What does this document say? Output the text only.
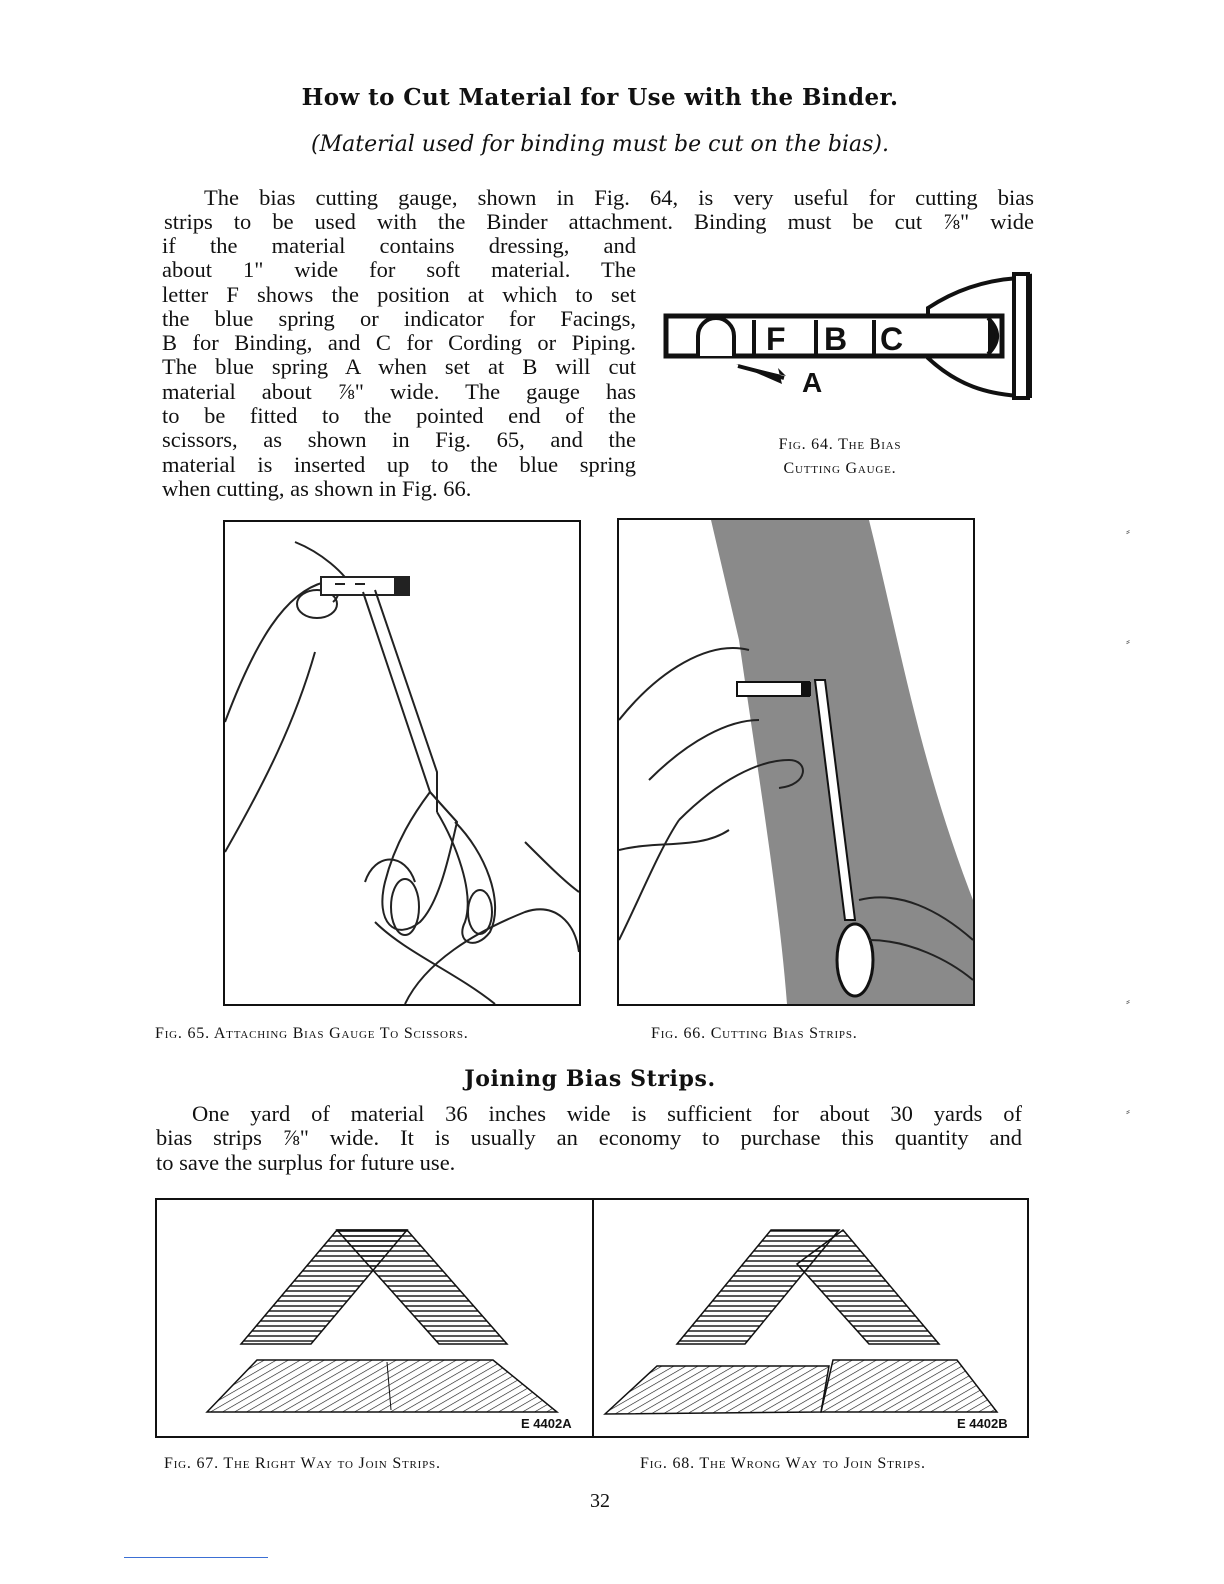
How to Cut Material for Use with the Binder.
(Material used for binding must be cut on the bias).
The bias cutting gauge, shown in Fig. 64, is very useful for cutting bias
strips to be used with the Binder attachment. Binding must be cut ⅞" wide
if the material contains dressing, and
about 1" wide for soft material. The
letter F shows the position at which to set
the blue spring or indicator for Facings,
B for Binding, and C for Cording or Piping.
The blue spring A when set at B will cut
material about ⅞" wide. The gauge has
to be fitted to the pointed end of the
scissors, as shown in Fig. 65, and the
material is inserted up to the blue spring
when cutting, as shown in Fig. 66.
F B C
A
Fig. 64. The Bias
Cutting Gauge.
Fig. 65. Attaching Bias Gauge To Scissors.	Fig. 66. Cutting Bias Strips.
Joining Bias Strips.
One yard of material 36 inches wide is sufficient for about 30 yards of
bias strips ⅞" wide. It is usually an economy to purchase this quantity and
to save the surplus for future use.
E 4402A	E 4402B
Fig. 67. The Right Way to Join Strips.	Fig. 68. The Wrong Way to Join Strips.
32
⸗
⸗
⸗
⸗
